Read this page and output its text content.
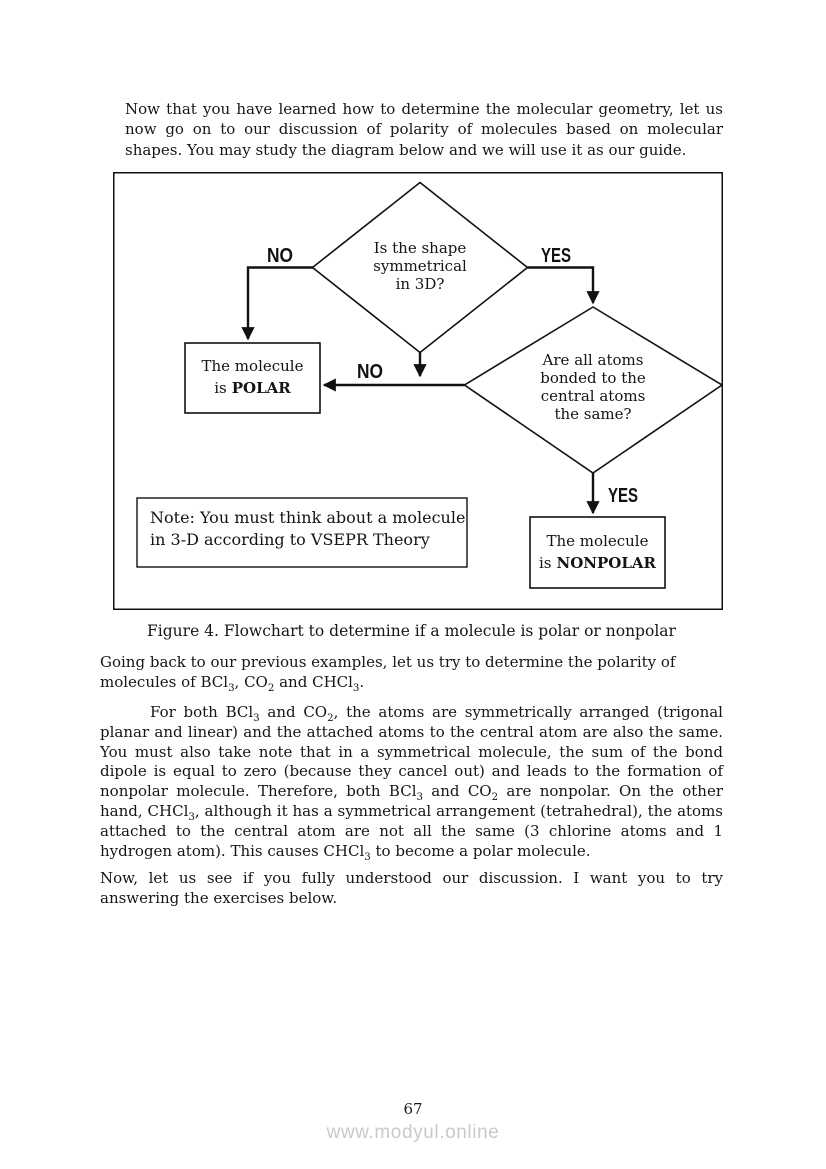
Now that you have learned how to determine the molecular geometry, let us now go on to our discussion of polarity of molecules based on molecular shapes. You may study the diagram below and we will use it as our guide.

Is the shape
symmetrical
in 3D?
Are all atoms
bonded to the
central atoms
the same?
The molecule
is POLAR
The molecule
is NONPOLAR
Note: You must think about a molecule
in 3-D according to VSEPR Theory
NO	YES
NO
YES

Figure 4. Flowchart to determine if a molecule is polar or nonpolar

Going back to our previous examples, let us try to determine the polarity of molecules of BCl$_3$, $CO_2$ and CHCl$_3$.

For both BCl$_3$ and $CO_2$, the atoms are symmetrically arranged (trigonal planar and linear) and the attached atoms to the central atom are also the same. You must also take note that in a symmetrical molecule, the sum of the bond dipole is equal to zero (because they cancel out) and leads to the formation of nonpolar molecule. Therefore, both BCl$_3$ and $CO_2$ are nonpolar. On the other hand, CHCl$_3$, although it has a symmetrical arrangement (tetrahedral), the atoms attached to the central atom are not all the same (3 chlorine atoms and 1 hydrogen atom). This causes CHCl$_3$ to become a polar molecule.

Now, let us see if you fully understood our discussion. I want you to try answering the exercises below.

67
www.modyul.online
